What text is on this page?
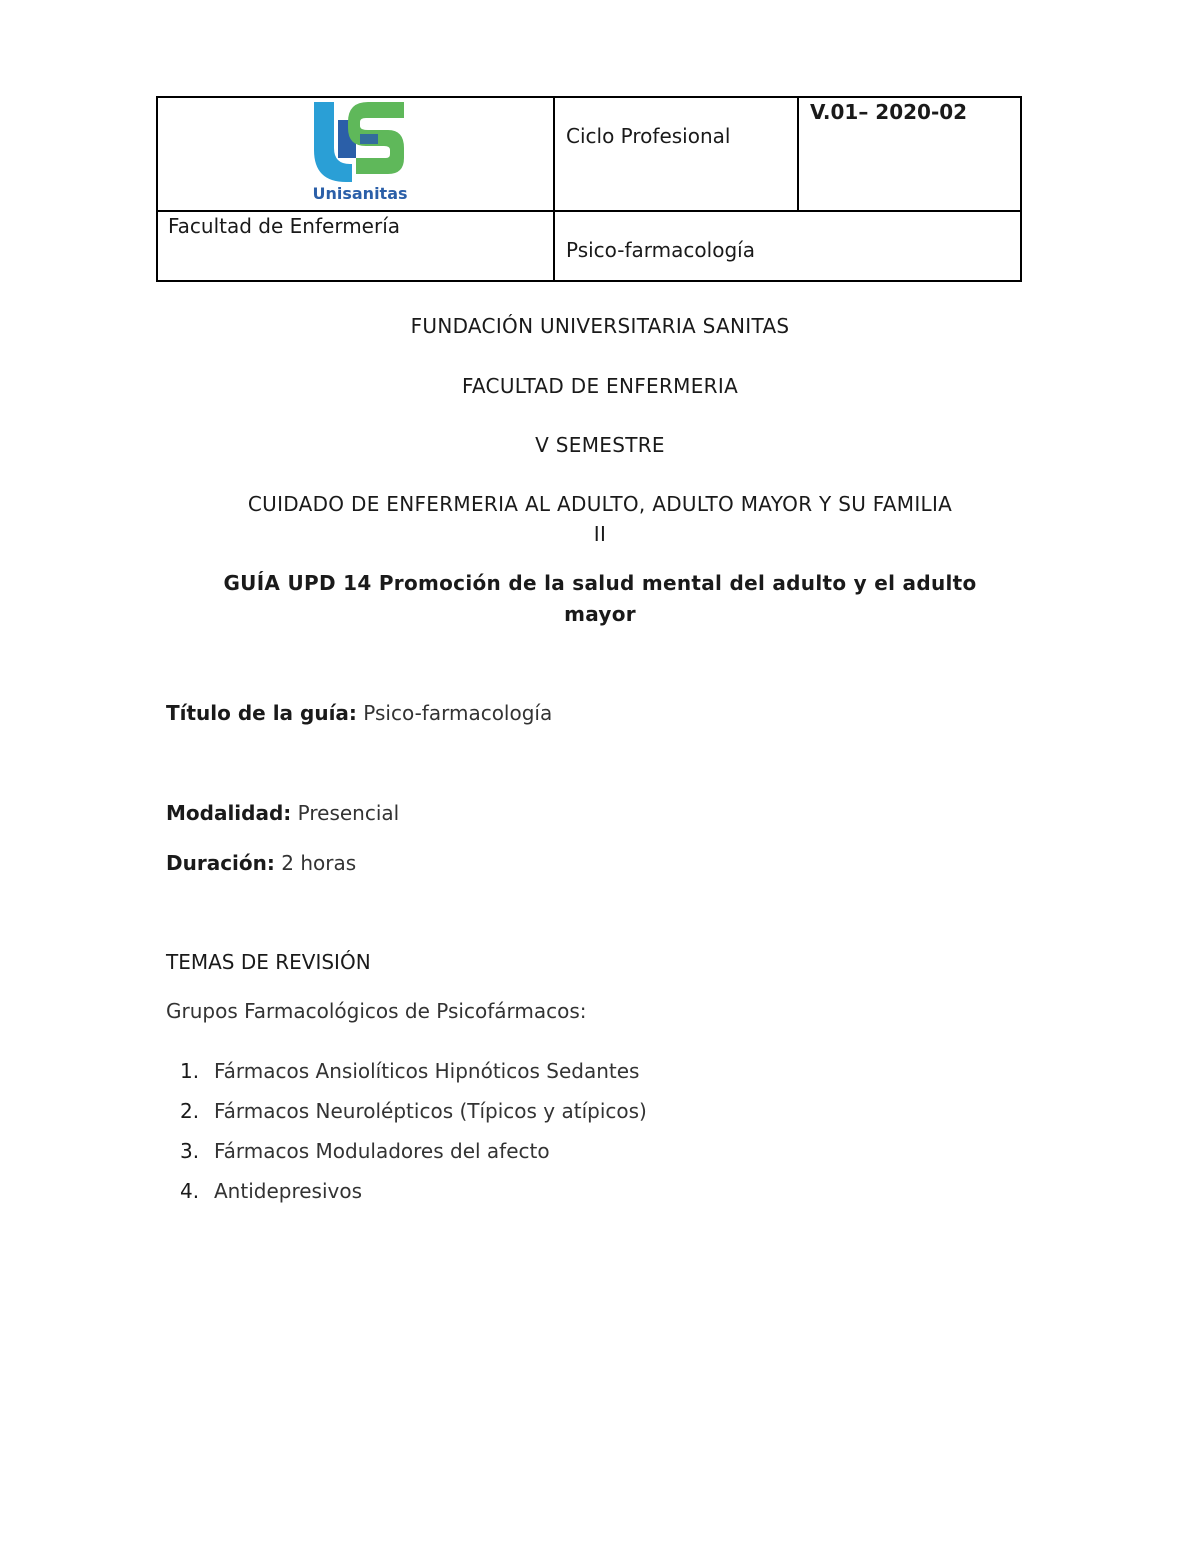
Unisanitas
Ciclo Profesional
V.01– 2020-02
Facultad de Enfermería
Psico-farmacología
FUNDACIÓN UNIVERSITARIA SANITAS
FACULTAD DE ENFERMERIA
V SEMESTRE
CUIDADO DE ENFERMERIA AL ADULTO, ADULTO MAYOR Y SU FAMILIA
II
GUÍA UPD 14 Promoción de la salud mental del adulto y el adulto
mayor
Título de la guía: Psico-farmacología
Modalidad: Presencial
Duración: 2 horas
TEMAS DE REVISIÓN
Grupos Farmacológicos de Psicofármacos:
1. Fármacos Ansiolíticos Hipnóticos Sedantes
2. Fármacos Neurolépticos (Típicos y atípicos)
3. Fármacos Moduladores del afecto
4. Antidepresivos
